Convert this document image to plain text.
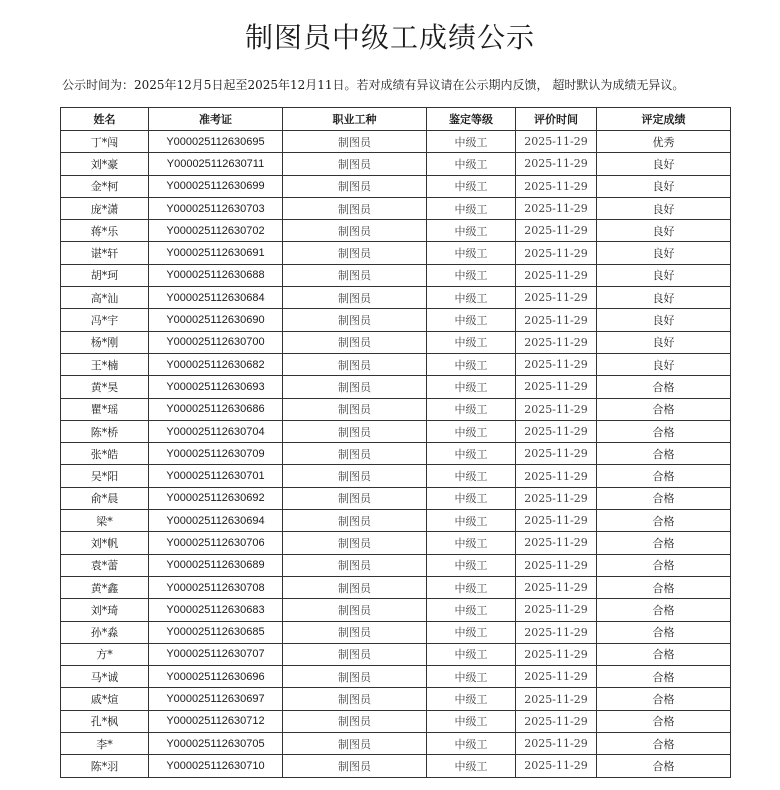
制图员中级工成绩公示
公示时间为：2025年12月5日起至2025年12月11日。若对成绩有异议请在公示期内反馈， 超时默认为成绩无异议。
姓名	准考证	职业工种	鉴定等级	评价时间	评定成绩
丁*闯	Y000025112630695	制图员	中级工	2025-11-29	优秀
刘*豪	Y000025112630711	制图员	中级工	2025-11-29	良好
金*柯	Y000025112630699	制图员	中级工	2025-11-29	良好
庞*潇	Y000025112630703	制图员	中级工	2025-11-29	良好
蒋*乐	Y000025112630702	制图员	中级工	2025-11-29	良好
谌*轩	Y000025112630691	制图员	中级工	2025-11-29	良好
胡*珂	Y000025112630688	制图员	中级工	2025-11-29	良好
高*汕	Y000025112630684	制图员	中级工	2025-11-29	良好
冯*宇	Y000025112630690	制图员	中级工	2025-11-29	良好
杨*刚	Y000025112630700	制图员	中级工	2025-11-29	良好
王*楠	Y000025112630682	制图员	中级工	2025-11-29	良好
黄*昊	Y000025112630693	制图员	中级工	2025-11-29	合格
瞿*瑶	Y000025112630686	制图员	中级工	2025-11-29	合格
陈*桥	Y000025112630704	制图员	中级工	2025-11-29	合格
张*皓	Y000025112630709	制图员	中级工	2025-11-29	合格
吴*阳	Y000025112630701	制图员	中级工	2025-11-29	合格
俞*晨	Y000025112630692	制图员	中级工	2025-11-29	合格
梁*	Y000025112630694	制图员	中级工	2025-11-29	合格
刘*帆	Y000025112630706	制图员	中级工	2025-11-29	合格
袁*蕾	Y000025112630689	制图员	中级工	2025-11-29	合格
黄*鑫	Y000025112630708	制图员	中级工	2025-11-29	合格
刘*琦	Y000025112630683	制图员	中级工	2025-11-29	合格
孙*淼	Y000025112630685	制图员	中级工	2025-11-29	合格
方*	Y000025112630707	制图员	中级工	2025-11-29	合格
马*诚	Y000025112630696	制图员	中级工	2025-11-29	合格
戚*煊	Y000025112630697	制图员	中级工	2025-11-29	合格
孔*枫	Y000025112630712	制图员	中级工	2025-11-29	合格
李*	Y000025112630705	制图员	中级工	2025-11-29	合格
陈*羽	Y000025112630710	制图员	中级工	2025-11-29	合格
